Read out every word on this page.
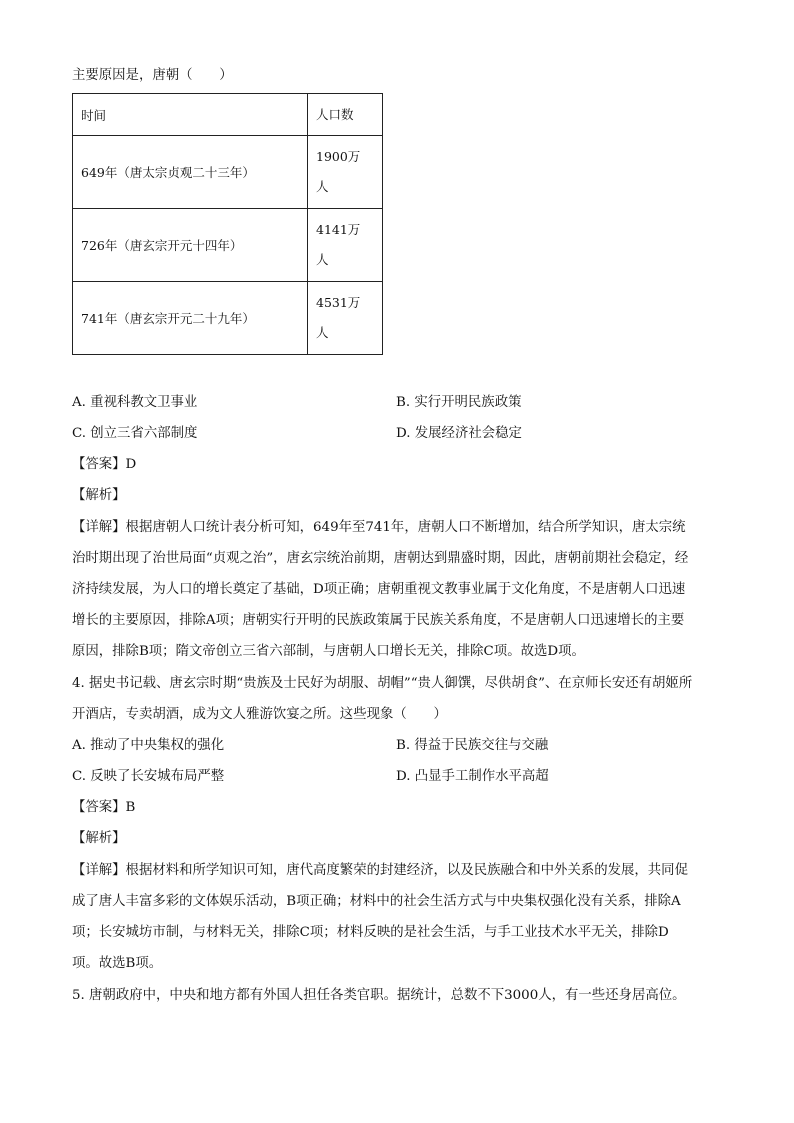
主要原因是，唐朝（　　）
时间	人口数
649年（唐太宗贞观二十三年）	1900万
人
726年（唐玄宗开元十四年）	4141万
人
741年（唐玄宗开元二十九年）	4531万
人
A. 重视科教文卫事业	B. 实行开明民族政策
C. 创立三省六部制度	D. 发展经济社会稳定
【答案】D
【解析】
【详解】根据唐朝人口统计表分析可知，649年至741年，唐朝人口不断增加，结合所学知识，唐太宗统
治时期出现了治世局面“贞观之治”，唐玄宗统治前期，唐朝达到鼎盛时期，因此，唐朝前期社会稳定，经
济持续发展，为人口的增长奠定了基础，D项正确；唐朝重视文教事业属于文化角度，不是唐朝人口迅速
增长的主要原因，排除A项；唐朝实行开明的民族政策属于民族关系角度，不是唐朝人口迅速增长的主要
原因，排除B项；隋文帝创立三省六部制，与唐朝人口增长无关，排除C项。故选D项。
4. 据史书记载、唐玄宗时期“贵族及士民好为胡服、胡帽”“贵人御馔，尽供胡食”、在京师长安还有胡姬所
开酒店，专卖胡酒，成为文人雅游饮宴之所。这些现象（　　）
A. 推动了中央集权的强化	B. 得益于民族交往与交融
C. 反映了长安城布局严整	D. 凸显手工制作水平高超
【答案】B
【解析】
【详解】根据材料和所学知识可知，唐代高度繁荣的封建经济，以及民族融合和中外关系的发展，共同促
成了唐人丰富多彩的文体娱乐活动，B项正确；材料中的社会生活方式与中央集权强化没有关系，排除A
项；长安城坊市制，与材料无关，排除C项；材料反映的是社会生活，与手工业技术水平无关，排除D
项。故选B项。
5. 唐朝政府中，中央和地方都有外国人担任各类官职。据统计，总数不下3000人，有一些还身居高位。
